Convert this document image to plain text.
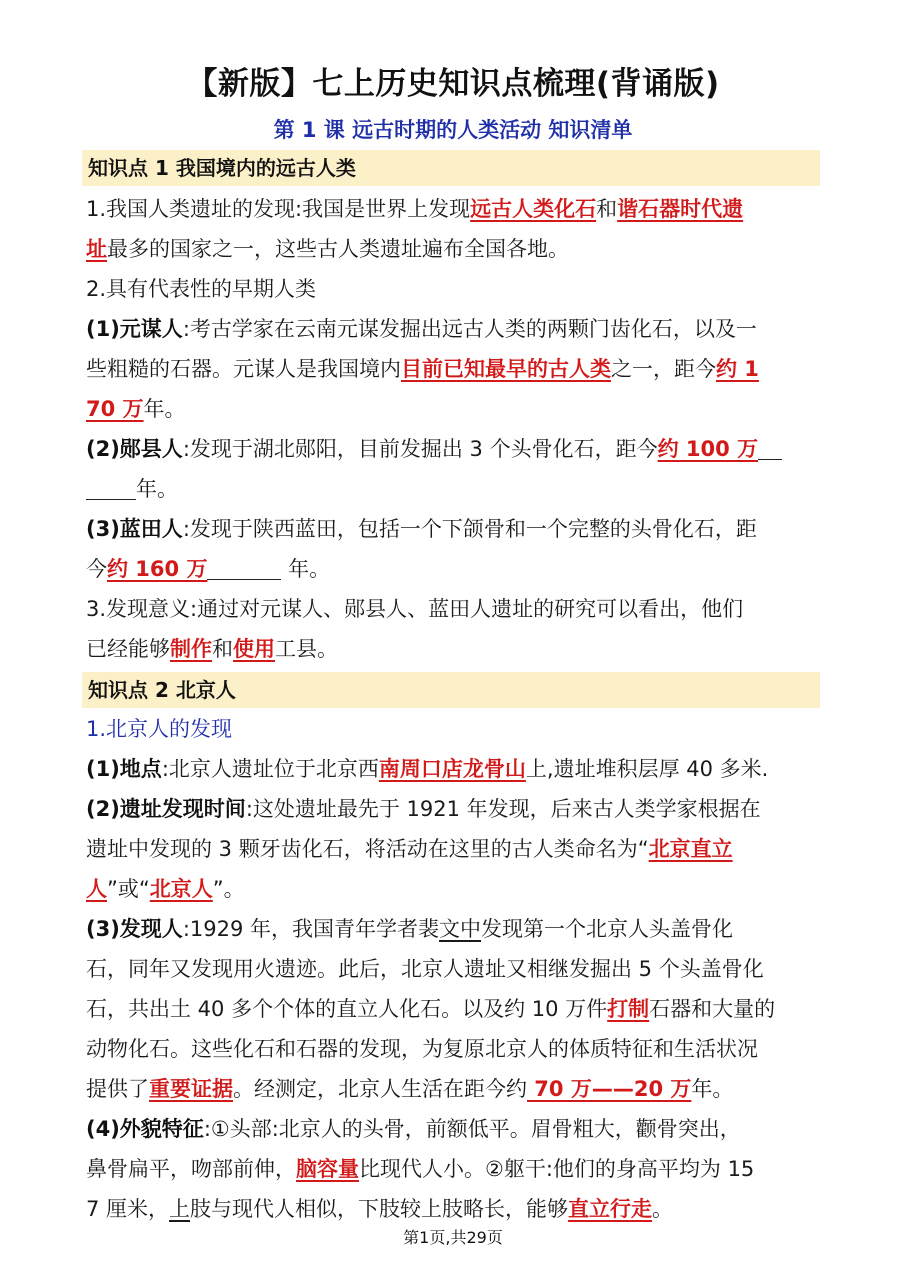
【新版】七上历史知识点梳理(背诵版)
第 1 课 远古时期的人类活动 知识清单
知识点 1 我国境内的远古人类
1.我国人类遗址的发现:我国是世界上发现远古人类化石和谐石器时代遗
址最多的国家之一，这些古人类遗址遍布全国各地。
2.具有代表性的早期人类
(1)元谋人:考古学家在云南元谋发掘出远古人类的两颗门齿化石，以及一
些粗糙的石器。元谋人是我国境内目前已知最早的古人类之一，距今约 1
70 万年。
(2)郧县人:发现于湖北郧阳，目前发掘出 3 个头骨化石，距今约 100 万
年。
(3)蓝田人:发现于陕西蓝田，包括一个下颌骨和一个完整的头骨化石，距
今约 160 万	年。
3.发现意义:通过对元谋人、郧县人、蓝田人遗址的研究可以看出，他们
已经能够制作和使用工县。
知识点 2 北京人
1.北京人的发现
(1)地点:北京人遗址位于北京西南周口店龙骨山上,遗址堆积层厚 40 多米.
(2)遗址发现时间:这处遗址最先于 1921 年发现，后来古人类学家根据在
遗址中发现的 3 颗牙齿化石，将活动在这里的古人类命名为“北京直立
人”或“北京人”。
(3)发现人:1929 年，我国青年学者裴文中发现第一个北京人头盖骨化
石，同年又发现用火遗迹。此后，北京人遗址又相继发掘出 5 个头盖骨化
石，共出土 40 多个个体的直立人化石。以及约 10 万件打制石器和大量的
动物化石。这些化石和石器的发现，为复原北京人的体质特征和生活状况
提供了重要证据。经测定，北京人生活在距今约 70 万——20 万年。
(4)外貌特征:①头部:北京人的头骨，前额低平。眉骨粗大，颧骨突出，
鼻骨扁平，吻部前伸，脑容量比现代人小。②躯干:他们的身高平均为 15
7 厘米，上肢与现代人相似，下肢较上肢略长，能够直立行走。
第1页,共29页
